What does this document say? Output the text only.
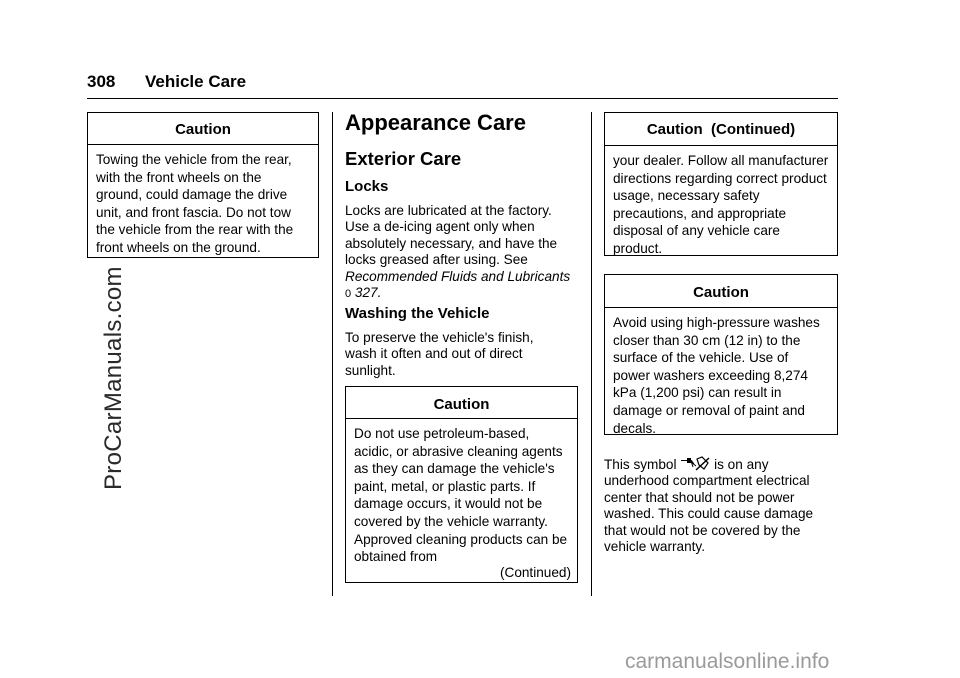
308 Vehicle Care
Caution
Towing the vehicle from the rear, with the front wheels on the ground, could damage the drive unit, and front fascia. Do not tow the vehicle from the rear with the front wheels on the ground.
Appearance Care
Exterior Care
Locks
Locks are lubricated at the factory. Use a de-icing agent only when absolutely necessary, and have the locks greased after using. See
Recommended Fluids and Lubricants 0 327.
Washing the Vehicle
To preserve the vehicle's finish, wash it often and out of direct sunlight.
Caution
Do not use petroleum-based, acidic, or abrasive cleaning agents as they can damage the vehicle's paint, metal, or plastic parts. If damage occurs, it would not be covered by the vehicle warranty. Approved cleaning products can be obtained from
(Continued)
Caution  (Continued)
your dealer. Follow all manufacturer directions regarding correct product usage, necessary safety precautions, and appropriate disposal of any vehicle care product.
Caution
Avoid using high-pressure washes closer than 30 cm (12 in) to the surface of the vehicle. Use of power washers exceeding 8,274 kPa (1,200 psi) can result in damage or removal of paint and decals.
This symbol	is on any underhood compartment electrical center that should not be power washed. This could cause damage that would not be covered by the vehicle warranty.
ProCarManuals.com
carmanualsonline.info
